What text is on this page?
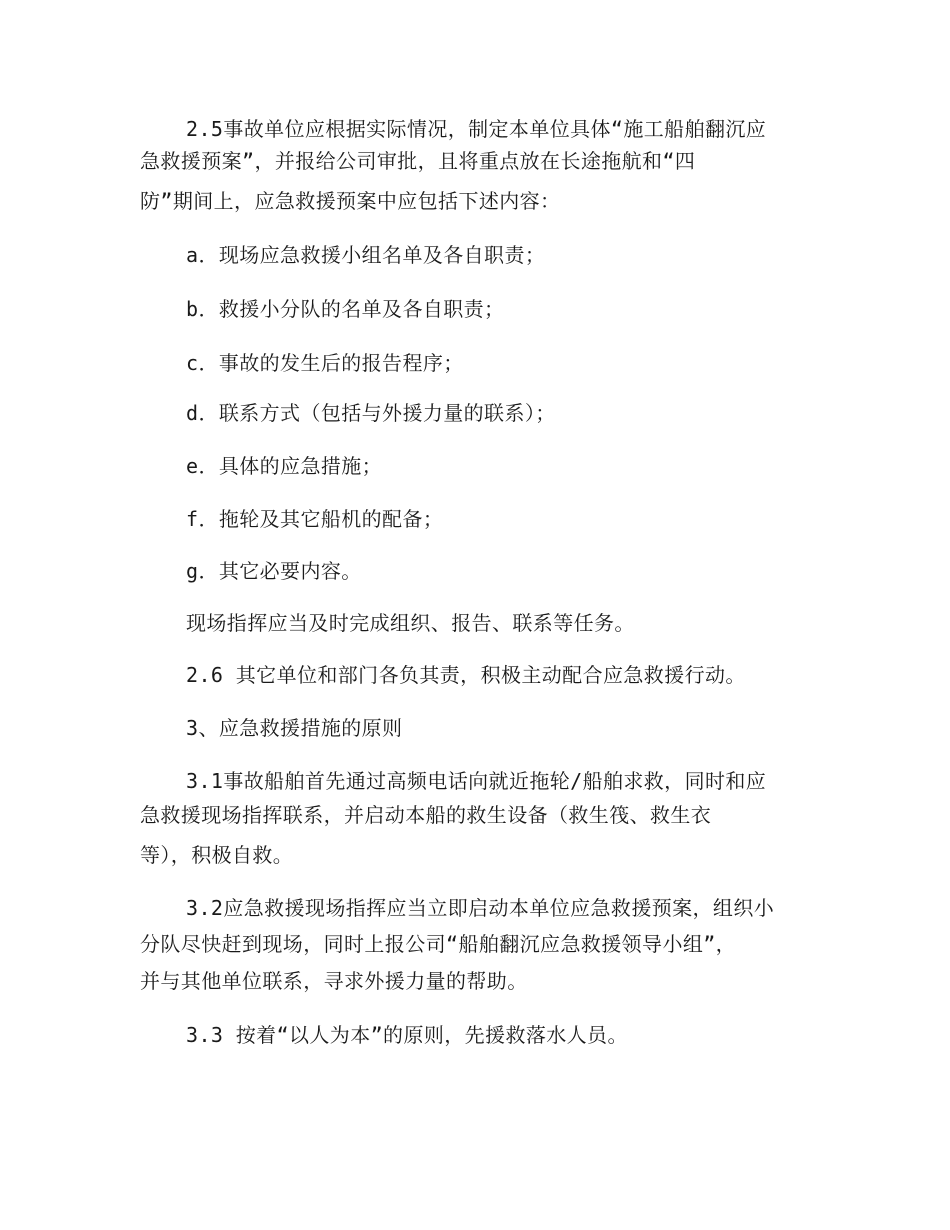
2.5事故单位应根据实际情况，制定本单位具体“施工船舶翻沉应
急救援预案”，并报给公司审批，且将重点放在长途拖航和“四
防”期间上，应急救援预案中应包括下述内容：
a．现场应急救援小组名单及各自职责；
b．救援小分队的名单及各自职责；
c．事故的发生后的报告程序；
d．联系方式（包括与外援力量的联系）；
e．具体的应急措施；
f．拖轮及其它船机的配备；
g．其它必要内容。
现场指挥应当及时完成组织、报告、联系等任务。
2.6 其它单位和部门各负其责，积极主动配合应急救援行动。
3、应急救援措施的原则
3.1事故船舶首先通过高频电话向就近拖轮/船舶求救，同时和应
急救援现场指挥联系，并启动本船的救生设备（救生筏、救生衣
等），积极自救。
3.2应急救援现场指挥应当立即启动本单位应急救援预案，组织小
分队尽快赶到现场，同时上报公司“船舶翻沉应急救援领导小组”，
并与其他单位联系，寻求外援力量的帮助。
3.3 按着“以人为本”的原则，先援救落水人员。
